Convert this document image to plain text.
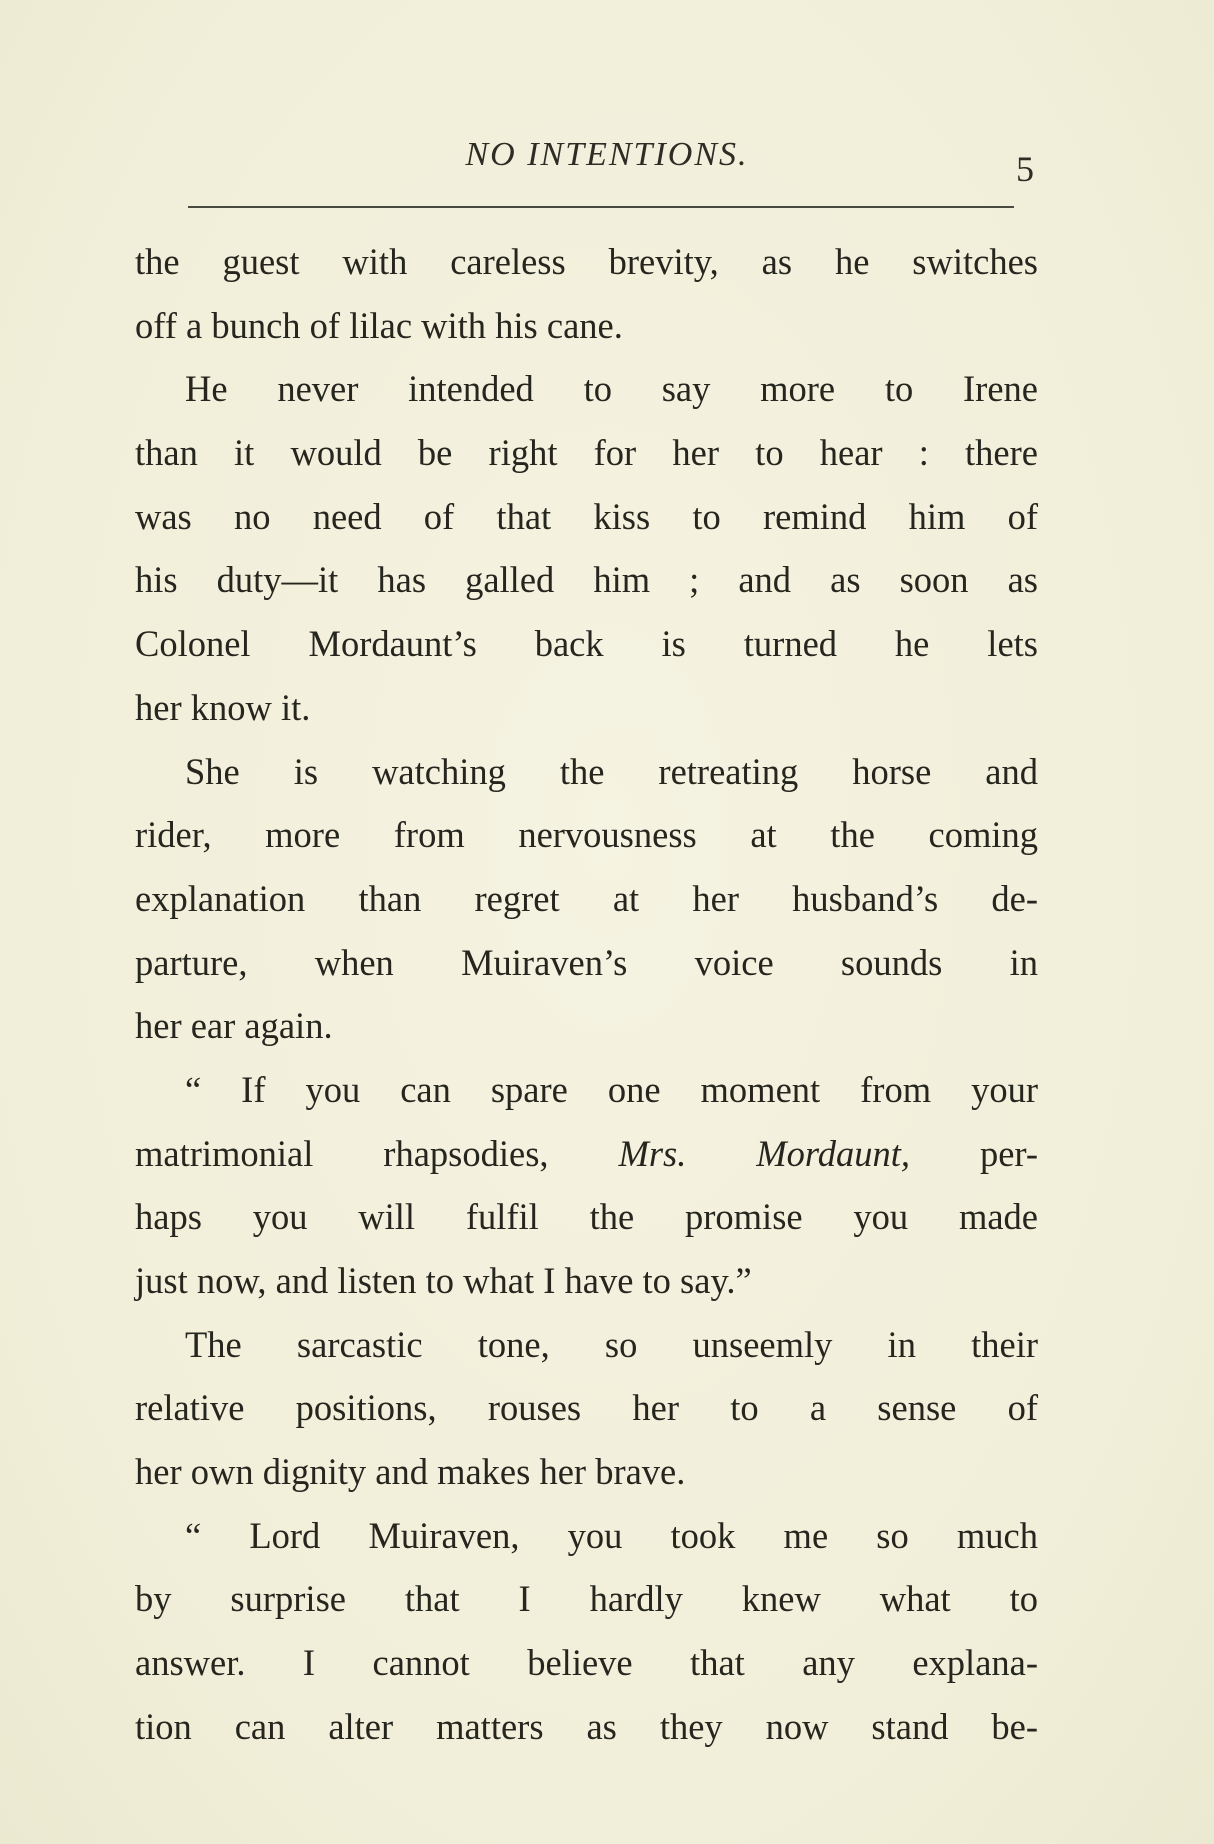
NO INTENTIONS.	5
the guest with careless brevity, as he switches
off a bunch of lilac with his cane.
He never intended to say more to Irene
than it would be right for her to hear : there
was no need of that kiss to remind him of
his duty—it has galled him ; and as soon as
Colonel Mordaunt’s back is turned he lets
her know it.
She is watching the retreating horse and
rider, more from nervousness at the coming
explanation than regret at her husband’s de-
parture, when Muiraven’s voice sounds in
her ear again.
“ If you can spare one moment from your
matrimonial rhapsodies, Mrs. Mordaunt, per-
haps you will fulfil the promise you made
just now, and listen to what I have to say.”
The sarcastic tone, so unseemly in their
relative positions, rouses her to a sense of
her own dignity and makes her brave.
“ Lord Muiraven, you took me so much
by surprise that I hardly knew what to
answer. I cannot believe that any explana-
tion can alter matters as they now stand be-
